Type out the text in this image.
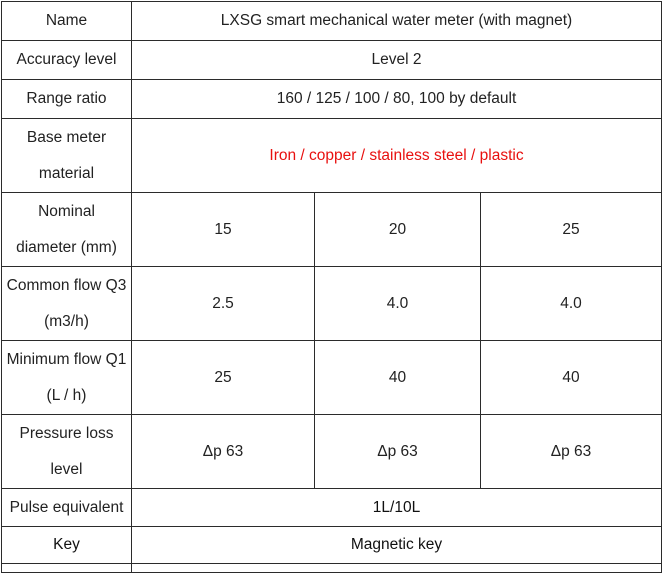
Name	LXSG smart mechanical water meter (with magnet)		
Accuracy level	Level 2		
Range ratio	160 / 125 / 100 / 80, 100 by default		

Base meter
material	Iron / copper / stainless steel / plastic		

Nominal
diameter (mm)	15	20	25

Common flow Q3
(m3/h)	2.5	4.0	4.0

Minimum flow Q1
(L / h)	25	40	40

Pressure loss
level	Δp 63	Δp 63	Δp 63
Pulse equivalent	1L/10L		
Key	Magnetic key		
